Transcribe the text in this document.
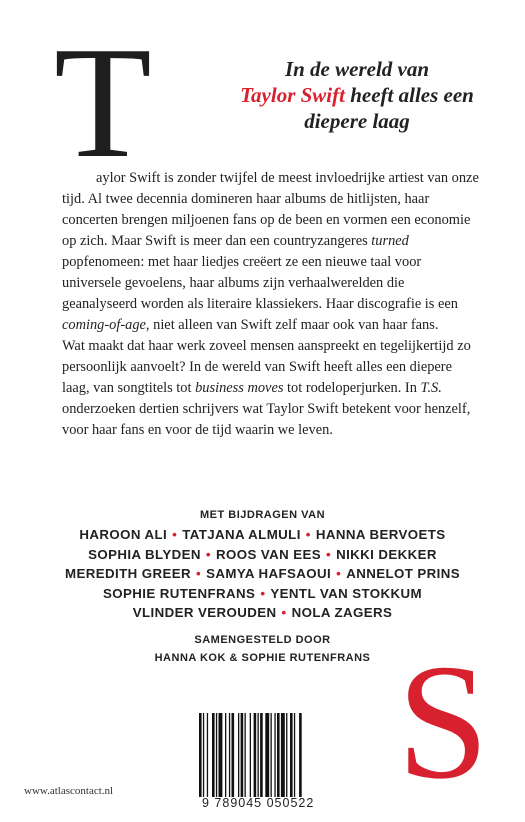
T	In de wereld van
Taylor Swift heeft alles een diepere laag

aylor Swift is zonder twijfel de meest invloedrijke artiest van onze tijd. Al twee decennia domineren haar albums de hitlijsten, haar concerten brengen miljoenen fans op de been en vormen een economie op zich. Maar Swift is meer dan een countryzangeres turned popfenomeen: met haar liedjes creëert ze een nieuwe taal voor universele gevoelens, haar albums zijn verhaalwerelden die geanalyseerd worden als literaire klassiekers. Haar discografie is een coming-of-age, niet alleen van Swift zelf maar ook van haar fans.

Wat maakt dat haar werk zoveel mensen aanspreekt en tegelijkertijd zo persoonlijk aanvoelt? In de wereld van Swift heeft alles een diepere laag, van songtitels tot business moves tot rodeloperjurken. In T.S. onderzoeken dertien schrijvers wat Taylor Swift betekent voor henzelf, voor haar fans en voor de tijd waarin we leven.

MET BIJDRAGEN VAN
HAROON ALI • TATJANA ALMULI • HANNA BERVOETS
SOPHIA BLYDEN • ROOS VAN EES • NIKKI DEKKER
MEREDITH GREER • SAMYA HAFSAOUI • ANNELOT PRINS
SOPHIE RUTENFRANS • YENTL VAN STOKKUM
VLINDER VEROUDEN • NOLA ZAGERS
SAMENGESTELD DOOR
HANNA KOK & SOPHIE RUTENFRANS
9 789045 050522
www.atlascontact.nl S
